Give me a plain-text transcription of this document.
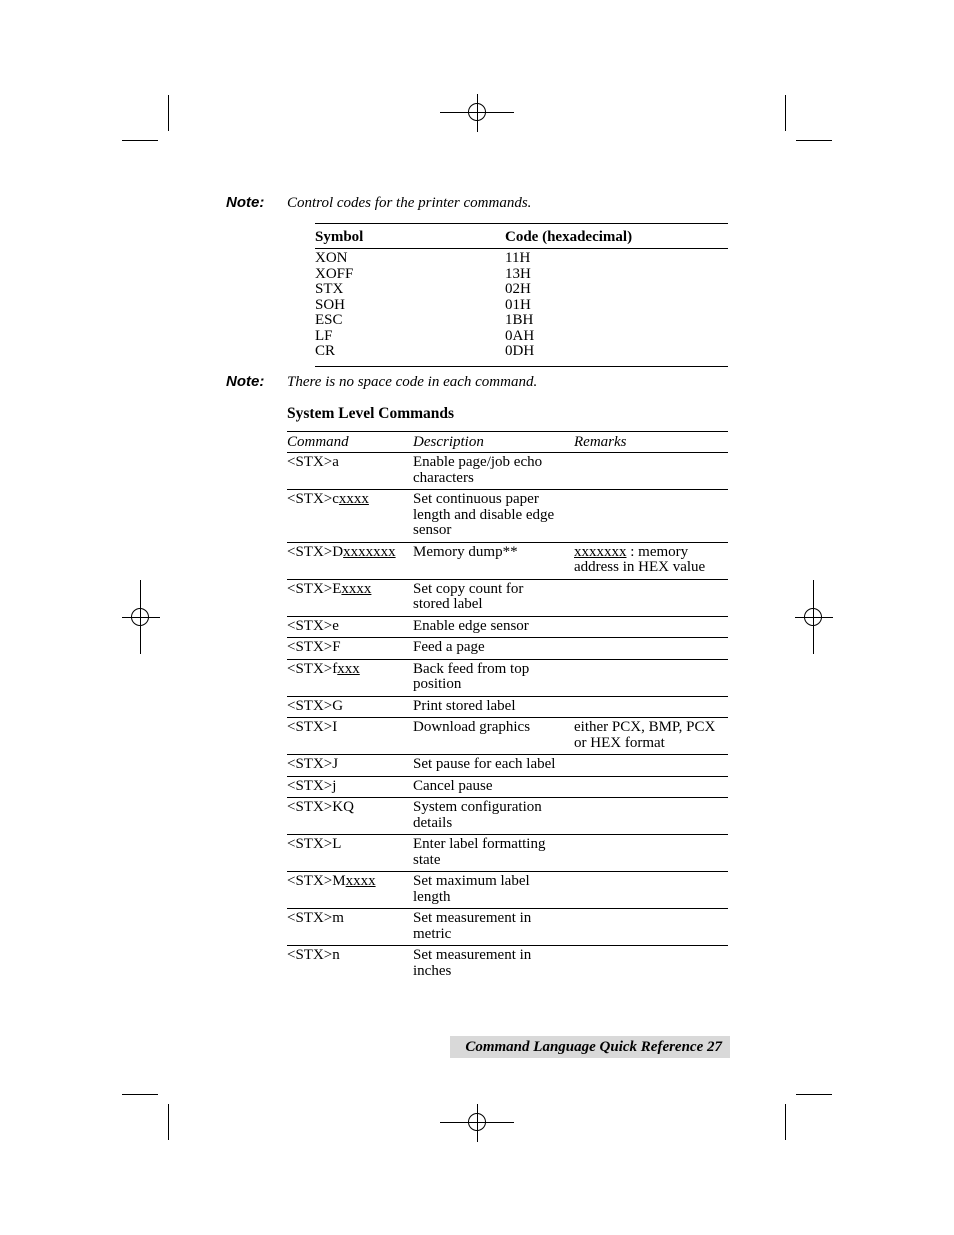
Note: Control codes for the printer commands.
Symbol	Code (hexadecimal)
XON	11H
XOFF	13H
STX	02H
SOH	01H
ESC	1BH
LF	0AH
CR	0DH
Note: There is no space code in each command.
System Level Commands
Command	Description	Remarks
<STX>a	Enable page/job echo characters	
<STX>cxxxx	Set continuous paper length and disable edge sensor	
<STX>Dxxxxxxx	Memory dump**	xxxxxxx : memory address in HEX value
<STX>Exxxx	Set copy count for stored label	
<STX>e	Enable edge sensor	
<STX>F	Feed a page	
<STX>fxxx	Back feed from top position	
<STX>G	Print stored label	
<STX>I	Download graphics	either PCX, BMP, PCX or HEX format
<STX>J	Set pause for each label	
<STX>j	Cancel pause	
<STX>KQ	System configuration details	
<STX>L	Enter label formatting state	
<STX>Mxxxx	Set maximum label length	
<STX>m	Set measurement in metric	
<STX>n	Set measurement in inches	
Command Language Quick Reference 27
